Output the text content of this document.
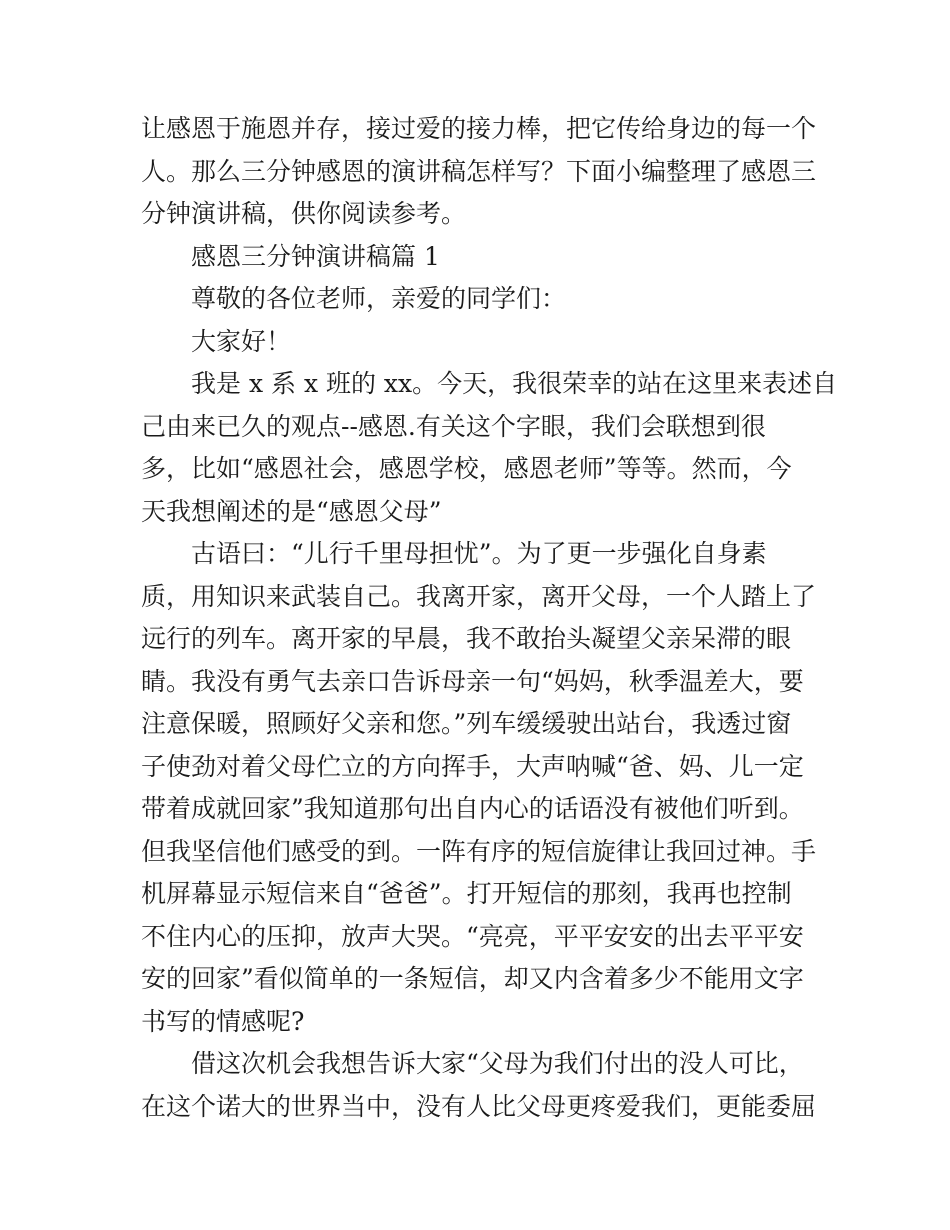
让感恩于施恩并存，接过爱的接力棒，把它传给身边的每一个
人。那么三分钟感恩的演讲稿怎样写？下面小编整理了感恩三
分钟演讲稿，供你阅读参考。
感恩三分钟演讲稿篇 1
尊敬的各位老师，亲爱的同学们：
大家好！
我是 x 系 x 班的 xx。今天，我很荣幸的站在这里来表述自
己由来已久的观点--感恩.有关这个字眼，我们会联想到很
多，比如“感恩社会，感恩学校，感恩老师”等等。然而，今
天我想阐述的是“感恩父母”
古语曰：“儿行千里母担忧”。为了更一步强化自身素
质，用知识来武装自己。我离开家，离开父母，一个人踏上了
远行的列车。离开家的早晨，我不敢抬头凝望父亲呆滞的眼
睛。我没有勇气去亲口告诉母亲一句“妈妈，秋季温差大，要
注意保暖，照顾好父亲和您。”列车缓缓驶出站台，我透过窗
子使劲对着父母伫立的方向挥手，大声呐喊“爸、妈、儿一定
带着成就回家”我知道那句出自内心的话语没有被他们听到。
但我坚信他们感受的到。一阵有序的短信旋律让我回过神。手
机屏幕显示短信来自“爸爸”。打开短信的那刻，我再也控制
不住内心的压抑，放声大哭。“亮亮，平平安安的出去平平安
安的回家”看似简单的一条短信，却又内含着多少不能用文字
书写的情感呢?
借这次机会我想告诉大家“父母为我们付出的没人可比，
在这个诺大的世界当中，没有人比父母更疼爱我们，更能委屈
